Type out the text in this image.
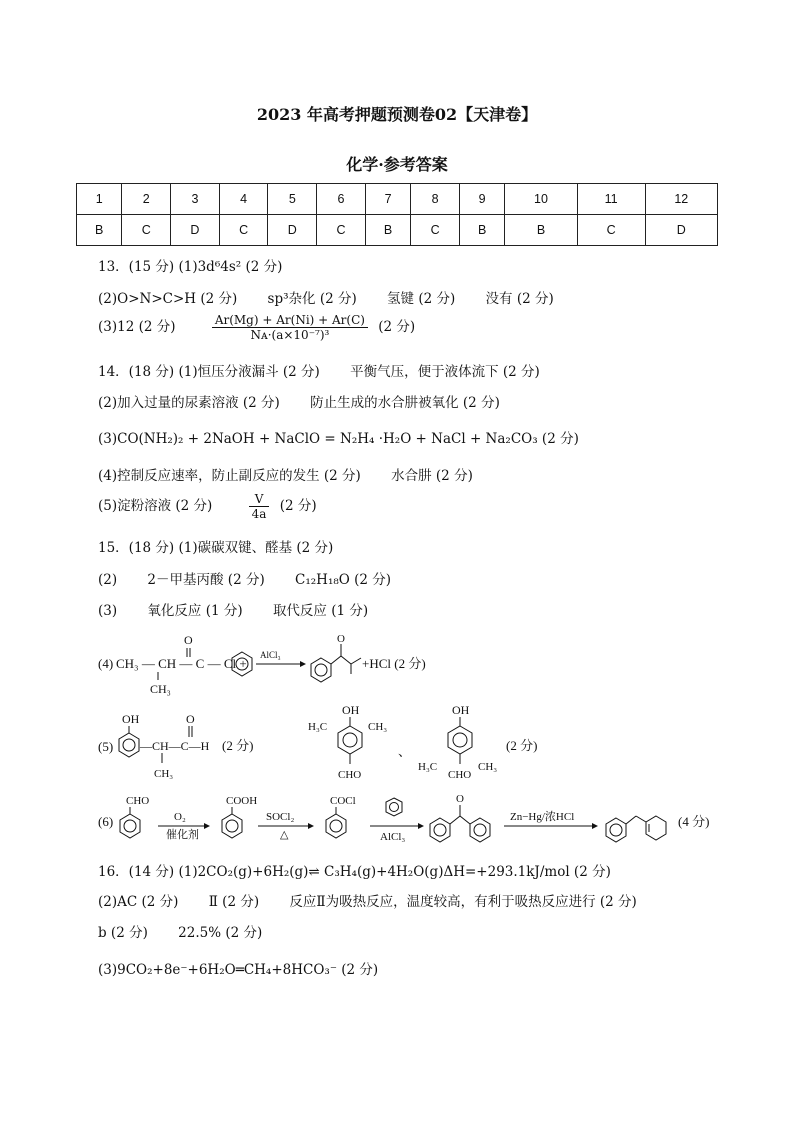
2023 年高考押题预测卷02【天津卷】
化学·参考答案
1	2	3	4	5	6	7	8	9	10	11	12
B	C	D	C	D	C	B	C	B	B	C	D
13．(15 分) (1)3d⁶4s² (2 分)
(2)O>N>C>H (2 分) sp³杂化 (2 分) 氢键 (2 分) 没有 (2 分)
(3)12 (2 分)	$\frac{Ar(Mg) + Ar(Ni) + Ar(C)}{\text{Nᴀ·(a×10⁻⁷)³}} (2$ 分)
14．(18 分) (1)恒压分液漏斗 (2 分) 平衡气压，便于液体流下 (2 分)
(2)加入过量的尿素溶液 (2 分) 防止生成的水合肼被氧化 (2 分)
(3)CO(NH₂)₂ + 2NaOH + NaClO = N₂H₄ ·H₂O + NaCl + Na₂CO₃ (2 分)
(4)控制反应速率，防止副反应的发生 (2 分) 水合肼 (2 分)
(5)淀粉溶液 (2 分)	$\frac{V}{4a} (2$ 分)
15．(18 分) (1)碳碳双键、醛基 (2 分)
(2) 2－甲基丙酸 (2 分) C₁₂H₁₈O (2 分)
(3) 氧化反应 (1 分) 取代反应 (1 分)
(4) CH₃ — CH — C — Cl +
O
CH₃
AlCl₃
O
+HCl (2 分)
(5)
OH
—CH—C—H
O
CH₃
(2 分)
OH
H₃C	CH₃
CHO
、
OH
H₃C	CH₃
CHO
(2 分)
(6)
CHO
O₂
催化剂
COOH
SOCl₂
△
COCl
AlCl₃
O
Zn−Hg/浓HCl	(4 分)
16．(14 分) (1)2CO₂(g)+6H₂(g)⇌ C₃H₄(g)+4H₂O(g)ΔH=+293.1kJ/mol (2 分)
(2)AC (2 分) Ⅱ (2 分) 反应Ⅱ为吸热反应，温度较高，有利于吸热反应进行 (2 分)
b (2 分) 22.5% (2 分)
(3)9CO₂+8e⁻+6H₂O═CH₄+8HCO₃⁻ (2 分)
